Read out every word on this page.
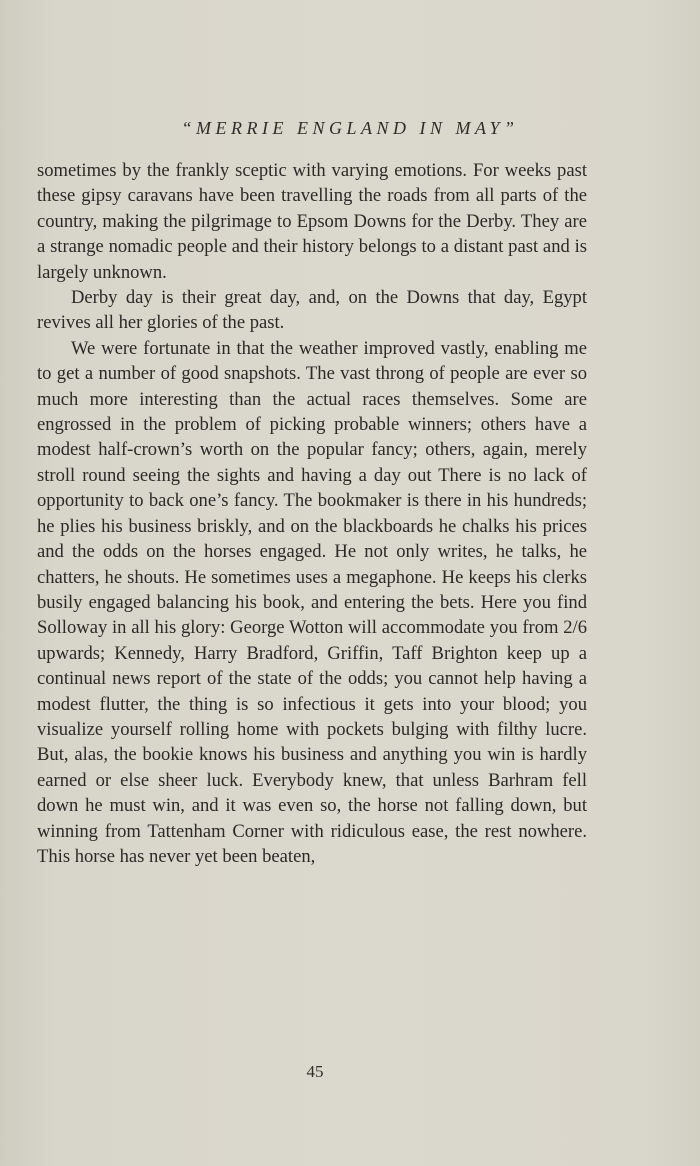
“MERRIE ENGLAND IN MAY”

sometimes by the frankly sceptic with varying emotions. For weeks past these gipsy caravans have been travelling the roads from all parts of the country, making the pilgrimage to Epsom Downs for the Derby. They are a strange nomadic people and their history belongs to a distant past and is largely unknown.

Derby day is their great day, and, on the Downs that day, Egypt revives all her glories of the past.

We were fortunate in that the weather improved vastly, enabling me to get a number of good snapshots. The vast throng of people are ever so much more interesting than the actual races themselves. Some are engrossed in the problem of picking probable winners; others have a modest half-crown’s worth on the popular fancy; others, again, merely stroll round seeing the sights and having a day out There is no lack of opportunity to back one’s fancy. The bookmaker is there in his hundreds; he plies his business briskly, and on the blackboards he chalks his prices and the odds on the horses engaged. He not only writes, he talks, he chatters, he shouts. He sometimes uses a megaphone. He keeps his clerks busily engaged balancing his book, and entering the bets. Here you find Solloway in all his glory: George Wotton will accommodate you from 2/6 upwards; Kennedy, Harry Bradford, Griffin, Taff Brighton keep up a continual news report of the state of the odds; you cannot help having a modest flutter, the thing is so infectious it gets into your blood; you visualize yourself rolling home with pockets bulging with filthy lucre. But, alas, the bookie knows his business and anything you win is hardly earned or else sheer luck. Everybody knew, that unless Barhram fell down he must win, and it was even so, the horse not falling down, but winning from Tattenham Corner with ridiculous ease, the rest nowhere. This horse has never yet been beaten,

45
